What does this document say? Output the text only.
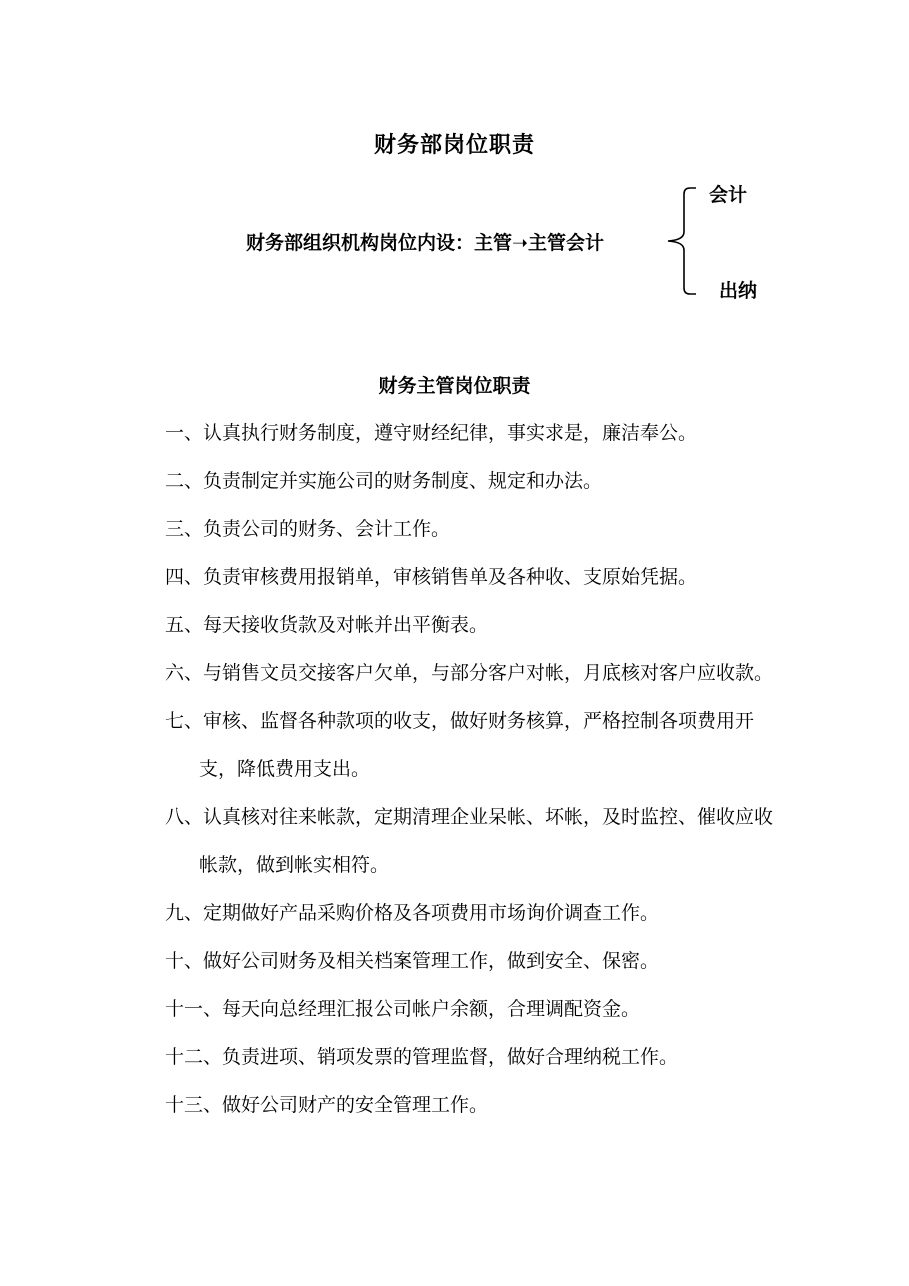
财务部岗位职责
财务部组织机构岗位内设：主管➝主管会计
会计
出纳
财务主管岗位职责
一、认真执行财务制度，遵守财经纪律，事实求是，廉洁奉公。
二、负责制定并实施公司的财务制度、规定和办法。
三、负责公司的财务、会计工作。
四、负责审核费用报销单，审核销售单及各种收、支原始凭据。
五、每天接收货款及对帐并出平衡表。
六、与销售文员交接客户欠单，与部分客户对帐，月底核对客户应收款。
七、审核、监督各种款项的收支，做好财务核算，严格控制各项费用开支，降低费用支出。
八、认真核对往来帐款，定期清理企业呆帐、坏帐，及时监控、催收应收帐款，做到帐实相符。
九、定期做好产品采购价格及各项费用市场询价调查工作。
十、做好公司财务及相关档案管理工作，做到安全、保密。
十一、每天向总经理汇报公司帐户余额，合理调配资金。
十二、负责进项、销项发票的管理监督，做好合理纳税工作。
十三、做好公司财产的安全管理工作。
